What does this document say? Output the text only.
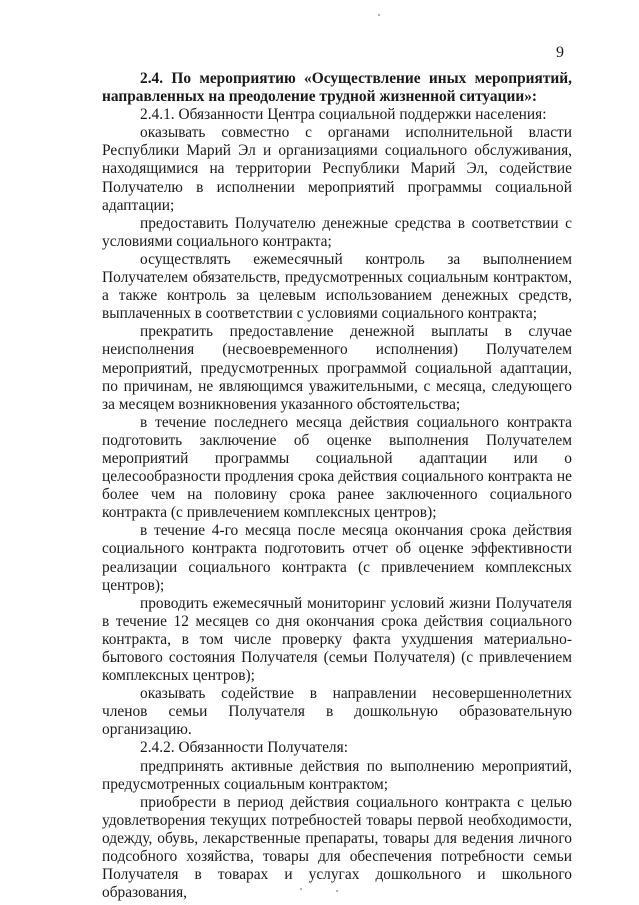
9

2.4. По мероприятию «Осуществление иных мероприятий, направленных на преодоление трудной жизненной ситуации»:

2.4.1. Обязанности Центра социальной поддержки населения:

оказывать совместно с органами исполнительной власти Республики Марий Эл и организациями социального обслуживания, находящимися на территории Республики Марий Эл, содействие Получателю в исполнении мероприятий программы социальной адаптации;

предоставить Получателю денежные средства в соответствии с условиями социального контракта;

осуществлять ежемесячный контроль за выполнением Получателем обязательств, предусмотренных социальным контрактом, а также контроль за целевым использованием денежных средств, выплаченных в соответствии с условиями социального контракта;

прекратить предоставление денежной выплаты в случае неисполнения (несвоевременного исполнения) Получателем мероприятий, предусмотренных программой социальной адаптации, по причинам, не являющимся уважительными, с месяца, следующего за месяцем возникновения указанного обстоятельства;

в течение последнего месяца действия социального контракта подготовить заключение об оценке выполнения Получателем мероприятий программы социальной адаптации или о целесообразности продления срока действия социального контракта не более чем на половину срока ранее заключенного социального контракта (с привлечением комплексных центров);

в течение 4-го месяца после месяца окончания срока действия социального контракта подготовить отчет об оценке эффективности реализации социального контракта (с привлечением комплексных центров);

проводить ежемесячный мониторинг условий жизни Получателя в течение 12 месяцев со дня окончания срока действия социального контракта, в том числе проверку факта ухудшения материально-бытового состояния Получателя (семьи Получателя) (с привлечением комплексных центров);

оказывать содействие в направлении несовершеннолетних членов семьи Получателя в дошкольную образовательную организацию.

2.4.2. Обязанности Получателя:

предпринять активные действия по выполнению мероприятий, предусмотренных социальным контрактом;

приобрести в период действия социального контракта с целью удовлетворения текущих потребностей товары первой необходимости, одежду, обувь, лекарственные препараты, товары для ведения личного подсобного хозяйства, товары для обеспечения потребности семьи Получателя в товарах и услугах дошкольного и школьного образования,
